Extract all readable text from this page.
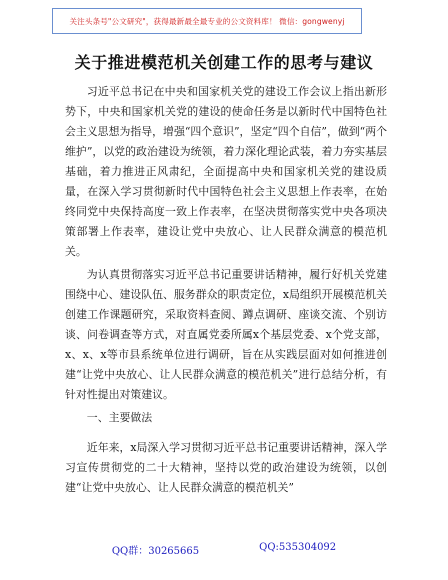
关注头条号"公文研究"，获得最新最全最专业的公文资料库！ 微信：gongwenyj
关于推进模范机关创建工作的思考与建议

习近平总书记在中央和国家机关党的建设工作会议上指出新形势下，中央和国家机关党的建设的使命任务是以新时代中国特色社会主义思想为指导，增强“四个意识”，坚定“四个自信”，做到“两个维护”，以党的政治建设为统领，着力深化理论武装，着力夯实基层基础，着力推进正风肃纪，全面提高中央和国家机关党的建设质量，在深入学习贯彻新时代中国特色社会主义思想上作表率，在始终同党中央保持高度一致上作表率，在坚决贯彻落实党中央各项决策部署上作表率，建设让党中央放心、让人民群众满意的模范机关。

为认真贯彻落实习近平总书记重要讲话精神，履行好机关党建围绕中心、建设队伍、服务群众的职责定位，x局组织开展模范机关创建工作课题研究，采取资料查阅、蹲点调研、座谈交流、个别访谈、问卷调查等方式，对直属党委所属x个基层党委、x个党支部，x、x、x等市县系统单位进行调研，旨在从实践层面对如何推进创建“让党中央放心、让人民群众满意的模范机关”进行总结分析，有针对性提出对策建议。

一、主要做法

近年来，x局深入学习贯彻习近平总书记重要讲话精神，深入学习宣传贯彻党的二十大精神，坚持以党的政治建设为统领，以创建“让党中央放心、让人民群众满意的模范机关”

QQ群：30265665	QQ:535304092
